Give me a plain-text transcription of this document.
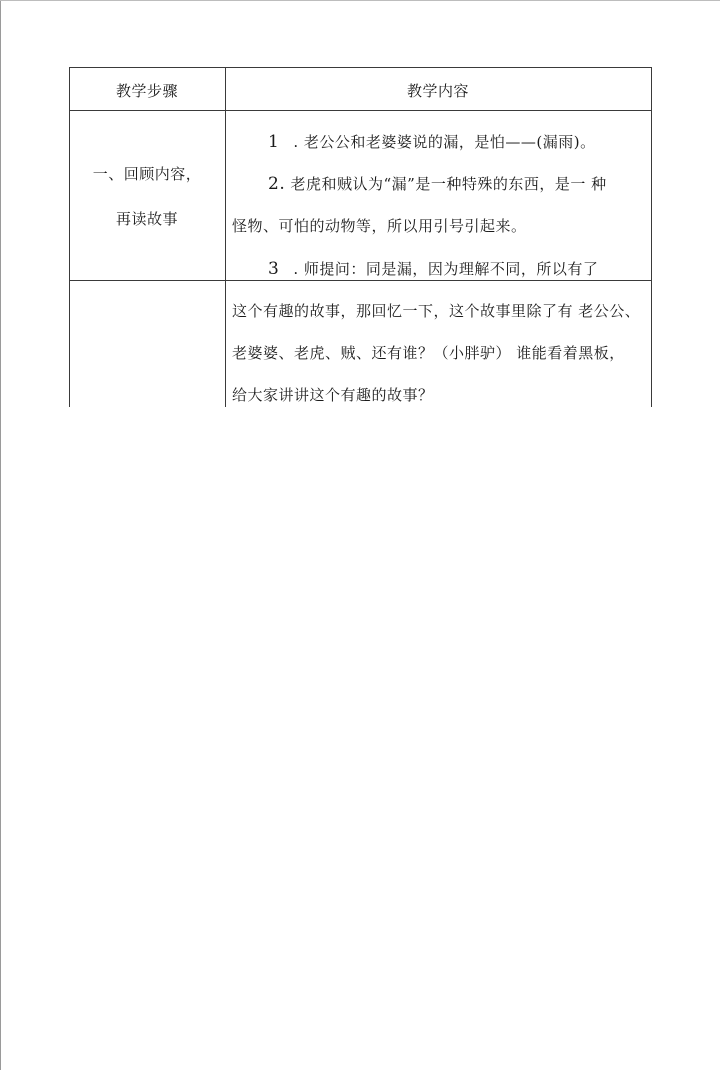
教学步骤	教学内容
一、回顾内容，
再读故事
1 . 老公公和老婆婆说的漏，是怕——(漏雨)。
2. 老虎和贼认为“漏”是一种特殊的东西，是一 种
怪物、可怕的动物等，所以用引号引起来。
3 . 师提问：同是漏，因为理解不同，所以有了
这个有趣的故事，那回忆一下，这个故事里除了有 老公公、
老婆婆、老虎、贼、还有谁？（小胖驴） 谁能看着黑板，
给大家讲讲这个有趣的故事？
